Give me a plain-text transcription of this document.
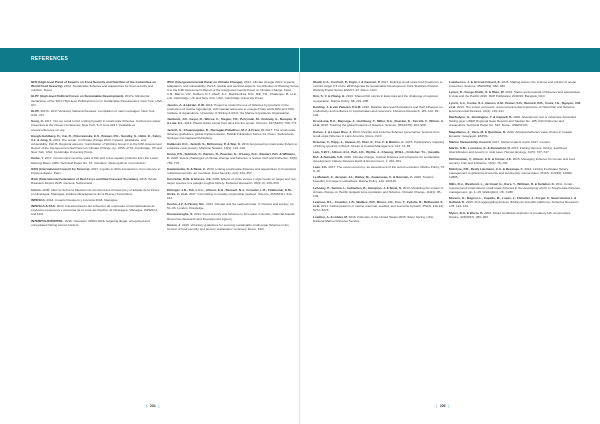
REFERENCES

NFR (High-level Panel of Experts on Food Security and Nutrition of the Committee on World Food Security). 2014. Sustainable fisheries and aquaculture for food security and nutrition. Rome.

HLPF (High-level Political Forum on Sustainable Development). 2017a. Ministerial declaration of the 2017 High-level Political Forum on Sustainable Development. New York, USA, UN.

HLPF. 2017b. 2017 Voluntary National Reviews: compilation of main messages. New York, USA, UN.

Hong, H. 2017. Not too small to fail: ending bycatch in small-scale fisheries. Conference paper presented at the Ocean Conference, New York, 5–9 June 2017. Available at oceanconference.un.org.

Hoegh-Guldberg, O., Cai, R., Poloczanska, E.S., Brewer, P.G., Sundby, S., Hilmi, K., Fabry, V.J. & Jung, S. 2014. The ocean. In Climate change 2014: impacts, adaptation, and vulnerability. Part B: Regional aspects. Contribution of Working Group II to the Fifth Assessment Report of the Intergovernmental Panel on Climate Change, pp. 1655–1731. Cambridge, UK and New York, USA, Cambridge University Press.

Iturbe, Y. 2017. Consumption and the yield of fish and a few aquatic products from the Lower Mekong Basin. MRC Technical Paper No. 16. Vientiane, Mekong River Commission.

ICES (International Council for Science). 2017. A guide to SDG interactions: from science to implementation. Paris.

IFAC (International Federation of Red Cross and Red Crescent Societies). 2015. World Disasters Report 2015. Geneva, Switzerland.

Intorio. 2008. Informe Sobre la Situación de los Recursos Pesqueros y el Estado de la Pesca en Nicaragua. Managua, Instituto Nicaragüense de la Pesca y Acuicultura.

INPESCA. 2014. Anuario Pesquero y Acuícola 2018. Managua.

INPESCA & FAO. 2014. Caracterización del subsector de empresas comercializadoras de productos pesqueros y acuícolas de la zona del Pacífico de Nicaragua. Managua, INPESCA and FAO.

INTERPOL/INTERPOL. 2016. Operation OPEN 2016: targeting illegal, unreported and unregulated fishing across borders.

IPCC (Intergovernmental Panel on Climate Change). 2014. Climate change 2014: impacts, adaptation, and vulnerability. Part A: Global and sectoral aspects. Contribution of Working Group II to the Fifth Assessment Report of the Intergovernmental Panel on Climate Change. Field, C.B., Barros, V.R., Dokken, D.J., Mach, K.J., Mastrandrea, M.D., Bilir, T.E., Chatterjee, M. et al., eds. Cambridge, UK and New York, USA, Cambridge University Press.

Jacobs, A. & Hurtan, K.W. 2016. Project to model the use of fisheries by-products in the production of marine ingredients, with special reference to omega-3 fatty acids EPA and DHA. Institute of Aquaculture, University of Stirling & IFFO, the Marine Ingredients Organisation.

Jambeck, J.R., Geyer, R., Wilcox, C., Siegler, T.R., Perryman, M., Andrady, A., Narayan, R. & Law, K.L. 2015. Plastic waste inputs from land into the ocean. Science, 347(6223): 768–771.

Jentoft, S., Chuenpagdee, R., Barragán-Paladines, M.J. & Franz, N. 2017. The small-scale fisheries guidelines: global implementation. MARE Publication Series 14. Cham, Switzerland, Springer International Publishing.

Kalikoski, D.C., Jentoft, S., McConney, P. & Siar, S. 2019. Empowering small-scale fishers to eradicate rural poverty. Maritime Studies, 18(2): 121–139.

Kemp, P.S., Subbiah, G., Barnes, R., Boerder, K., O'Leary, B.C., Stewart, B.D. & Williams, C. 2018. Future challenges of climate change and fisheries: a review. Fish and Fisheries, 19(5): 765–778.

Kawarazuka, N. & Béné, C. 2010. Linking small-scale fisheries and aquaculture to household nutritional security: an overview. Food Security, 2(4): 343–357.

Kerstetter, D.W. & Graves, J.E. 2006. Effects of circle versus J-style hooks on target and non-target species in a pelagic longline fishery. Fisheries Research, 80(2–3): 239–250.

Kittinger, J.N., Teh, L.C.L., Allison, E.H., Bennett, N.J., Crowder, L.B., Finkbeiner, E.M., Hicks, C. et al. 2017. Committing to socially responsible seafood. Science, 356(6341): 912–913.

Koehn, J.Z. & Pinsky, M.L. 2021. Climate and the seafood trade. In Oceans and society, pp. 51–66. London, Routledge.

Kumarasinghe, S. 2014. Food security and fisheries in Sri Lanka. Colombo, National Aquatic Resources Research and Development Agency.

Kurien, J. 2015. Voluntary guidelines for securing sustainable small-scale fisheries in the context of food security and poverty eradication: summary. Rome, FAO.

Khalil, C.A., Conforti, P., Ergin, I. & Gennari, P. 2017. Defining small-scale food producers to monitor target 2.3 of the 2030 Agenda for Sustainable Development. FAO Statistics Division Working Paper Series ESS/17-12. Rome, FAO.

Kim, S.-Y. & Zhang, H. 2016. Shared fish stocks in East Asia and the challenge of regional cooperation. Marine Policy, 68: 201–208.

Kolding, J. & van Zwieten, P.A.M. 2012. Relative lake level fluctuations and their influence on productivity and resilience in tropical lakes and reservoirs. Fisheries Research, 115–116: 99–109.

Kroodsma, D.A., Mayorga, J., Hochberg, T., Miller, N.A., Boerder, K., Ferretti, F., Wilson, A. et al. 2018. Tracking the global footprint of fisheries. Science, 359(6378): 904–908.

Kurien, J. & López Ríos, J. 2013. Flexible and inclusive fisheries governance: lessons from small-scale fisheries in Latin America. Rome, FAO.

Kraemer, F., Papp, J., Alvarez, D., Ruiz, E., Fox, F. & Martins, C. 2015. Participatory mapping of fishing grounds in Brazil. Ocean & Coastal Management, 114: 74–83.

Lam, V.W.Y., Allison, E.H., Bell, J.D., Blythe, J., Cheung, W.W.L., Frölicher, T.L., Gasalla, M.A. & Sumaila, U.R. 2020. Climate change, tropical fisheries and prospects for sustainable development. Nature Reviews Earth & Environment, 1: 440–454.

Laxe, F.G. 2017. The ocean economy: an assessment of the recent evolution. Marine Policy, 79: 8–15.

Le Manach, F., Jacquet, J.L., Bailey, M., Jouanneau, C. & Nouvian, C. 2020. Small is beautiful, but large is subsidised. Marine Policy, 120: 104130.

Lehodey, P., Senina, I., Calmettes, B., Hampton, J. & Nicol, S. 2013. Modelling the impact of climate change on Pacific skipjack tuna population and fisheries. Climatic Change, 119(1): 95–109.

Lewison, R.L., Crowder, L.B., Wallace, B.P., Moore, J.E., Cox, T., Zydelis, R., McDonald, S. et al. 2014. Global patterns of marine mammal, seabird, and sea turtle bycatch. PNAS, 111(14): 5271–5276.

Lowther, A. & Liddel, M. 2016. Fisheries of the United States 2015. Silver Spring, USA, National Marine Fisheries Service.

Lubchenco, J. & Grorud-Colvert, K. 2015. Making waves: the science and politics of ocean protection. Science, 350(6259): 382–383.

Lymer, D., Funge-Smith, S. & Miao, W. 2016. Status and potential of fisheries and aquaculture in Asia and the Pacific 2016. RAP Publication 2016/20. Bangkok, FAO.

Lynch, A.J., Cooke, S.J., Deines, A.M., Bower, S.D., Bunnell, D.B., Cowx, I.G., Nguyen, V.M. et al. 2016. The social, economic, and environmental importance of inland fish and fisheries. Environmental Reviews, 24(2): 115–121.

Macfadyen, G., Huntington, T. & Cappell, R. 2009. Abandoned, lost or otherwise discarded fishing gear. UNEP Regional Seas Reports and Studies No. 185; FAO Fisheries and Aquaculture Technical Paper No. 523. Rome, UNEP/FAO.

Magallanes, J., Vaca, M. & Quintana, R. 2016. Artisanal fisheries value chains in coastal Ecuador. Guayaquil, ESPOL.

Marine Stewardship Council. 2017. Global impacts report 2017. London.

Martin, S.M., Lorenzen, K. & Bunnefeld, N. 2013. Fishing farmers: fishing, livelihood diversification and poverty in rural Laos. Human Ecology, 41(5): 737–747.

McClanahan, T., Allison, E.H. & Cinner, J.E. 2015. Managing fisheries for human and food security. Fish and Fisheries, 16(1): 78–103.

McIntyre, P.B., Reidy Liermann, C.A. & Revenga, C. 2016. Linking freshwater fishery management to global food security and biodiversity conservation. PNAS, 113(45): 12880–12885.

Mills, D.J., Westlund, L., de Graaf, G., Kura, Y., Willman, R. & Kelleher, K. 2011. Under-reported and undervalued: small-scale fisheries in the developing world. In Small-scale fisheries management, pp. 1–15. Wallingford, UK, CABI.

Moreno, G., Dagorn, L., Capello, M., Lopez, J., Filmalter, J., Forget, F., Sancristobal, I. & Holland, K. 2016. Fish aggregating devices (FADs) as scientific platforms. Fisheries Research, 178: 122–129.

Myers, R.A. & Worm, B. 2003. Rapid worldwide depletion of predatory fish communities. Nature, 423(6937): 280–283.

| 204 |	| 205 |
